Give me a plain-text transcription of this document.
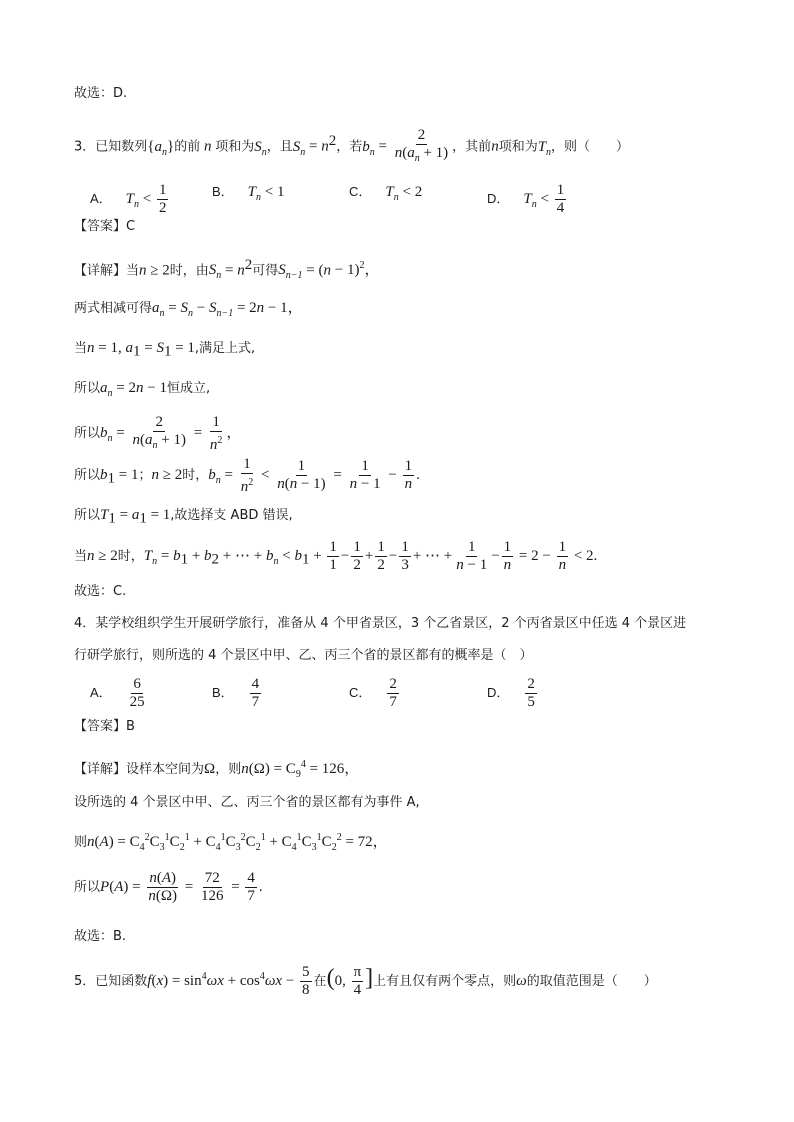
故选：D.
3．已知数列$\{a_n\}$的前 n 项和为$S_n$，且$S_n = n^2$，若$b_n = \frac{2}{n(a_n + 1)}$ ，其前n项和为$T_n$，则（　　）
A． $T_n < \frac{1}{2}$	B． $T_n < 1$	C． $T_n < 2$	D． $T_n < \frac{1}{4}$
【答案】C
【详解】当n ≥ 2时，由$S_n = n^2$可得$S_{n-1} = (n - 1)^2$，
两式相减可得$a_n = S_n - S_{n-1} = 2n - 1$，
当n = 1, $a_1 = S_1 = 1$,满足上式,
所以$a_n = 2n - 1$恒成立,
所以$b_n = \frac{2}{n(a_n + 1)} = \frac{1}{n^2}$ ，
所以$b_1 = 1$；n ≥ 2时，$b_n = \frac{1}{n^2} < \frac{1}{n(n - 1)} = \frac{1}{n - 1} - \frac{1}{n}$ .
所以$T_1 = a_1 = 1$,故选择支 ABD 错误,
当n ≥ 2时，$T_n = b_1 + b_2$ + ⋯ + $b_n < b_1 + \frac{1}{1} - \frac{1}{2} + \frac{1}{2} - \frac{1}{3}$ + ⋯ + $\frac{1}{n - 1} - \frac{1}{n} = 2 - \frac{1}{n} < 2$.
故选：C.
4．某学校组织学生开展研学旅行，准备从 4 个甲省景区，3 个乙省景区，2 个丙省景区中任选 4 个景区进
行研学旅行，则所选的 4 个景区中甲、乙、丙三个省的景区都有的概率是（　）
A． $\frac{6}{25}$	B． $\frac{4}{7}$	C． $\frac{2}{7}$	D． $\frac{2}{5}$
【答案】B
【详解】设样本空间为Ω，则$n(\Omega) = C_9^4 = 126$，
设所选的 4 个景区中甲、乙、丙三个省的景区都有为事件 A,
则$n(A) = C_4^2C_3^1C_2^1 + C_4^1C_3^2C_2^1 + C_4^1C_3^1C_2^2 = 72$，
所以$P(A) = \frac{n(A)}{n(\Omega)} = \frac{72}{126} = \frac{4}{7}$ .
故选：B.
5．已知函数$f(x) = \sin^4\omega x + \cos^4\omega x - \frac{5}{8}$ 在(0, $\frac{\pi}{4}$ ]上有且仅有两个零点，则ω的取值范围是（　　）
